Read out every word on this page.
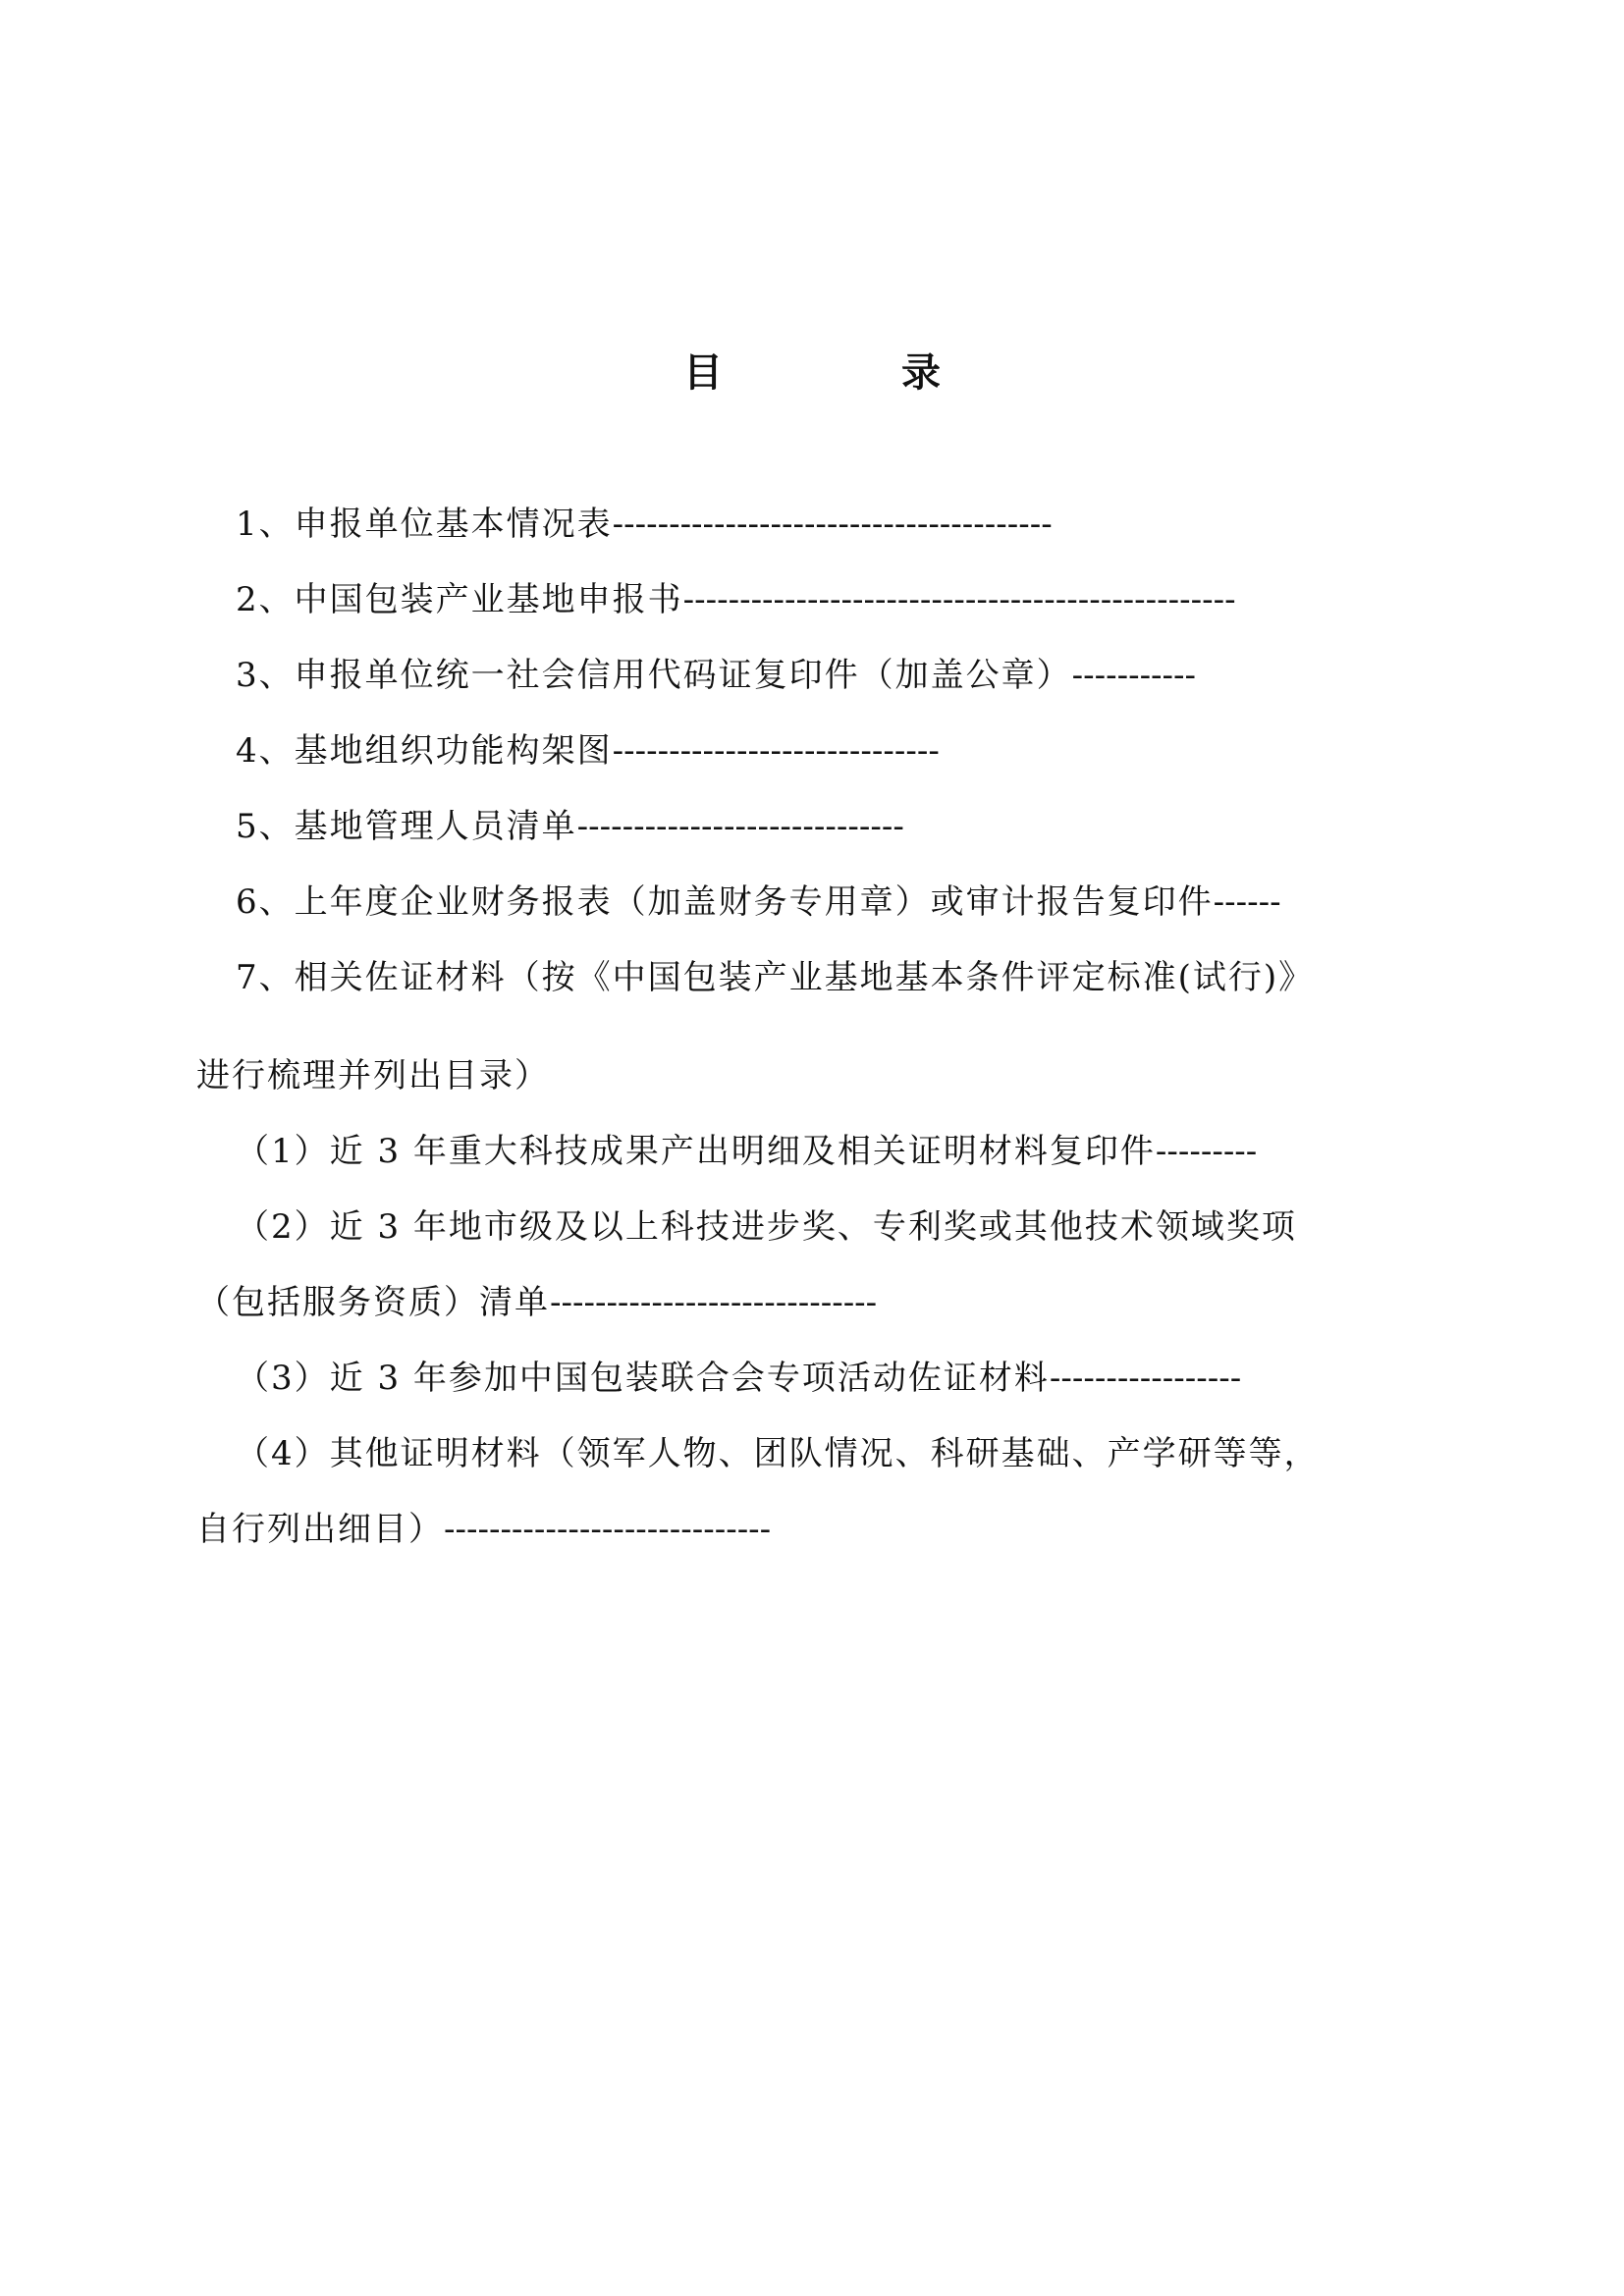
目 录
1、申报单位基本情况表---------------------------------------
2、中国包装产业基地申报书-------------------------------------------------
3、申报单位统一社会信用代码证复印件（加盖公章）-----------
4、基地组织功能构架图-----------------------------
5、基地管理人员清单-----------------------------
6、上年度企业财务报表（加盖财务专用章）或审计报告复印件------
7、相关佐证材料（按《中国包装产业基地基本条件评定标准(试行)》
进行梳理并列出目录）
（1）近 3 年重大科技成果产出明细及相关证明材料复印件---------
（2）近 3 年地市级及以上科技进步奖、专利奖或其他技术领域奖项
（包括服务资质）清单-----------------------------
（3）近 3 年参加中国包装联合会专项活动佐证材料-----------------
（4）其他证明材料（领军人物、团队情况、科研基础、产学研等等，
自行列出细目）-----------------------------
